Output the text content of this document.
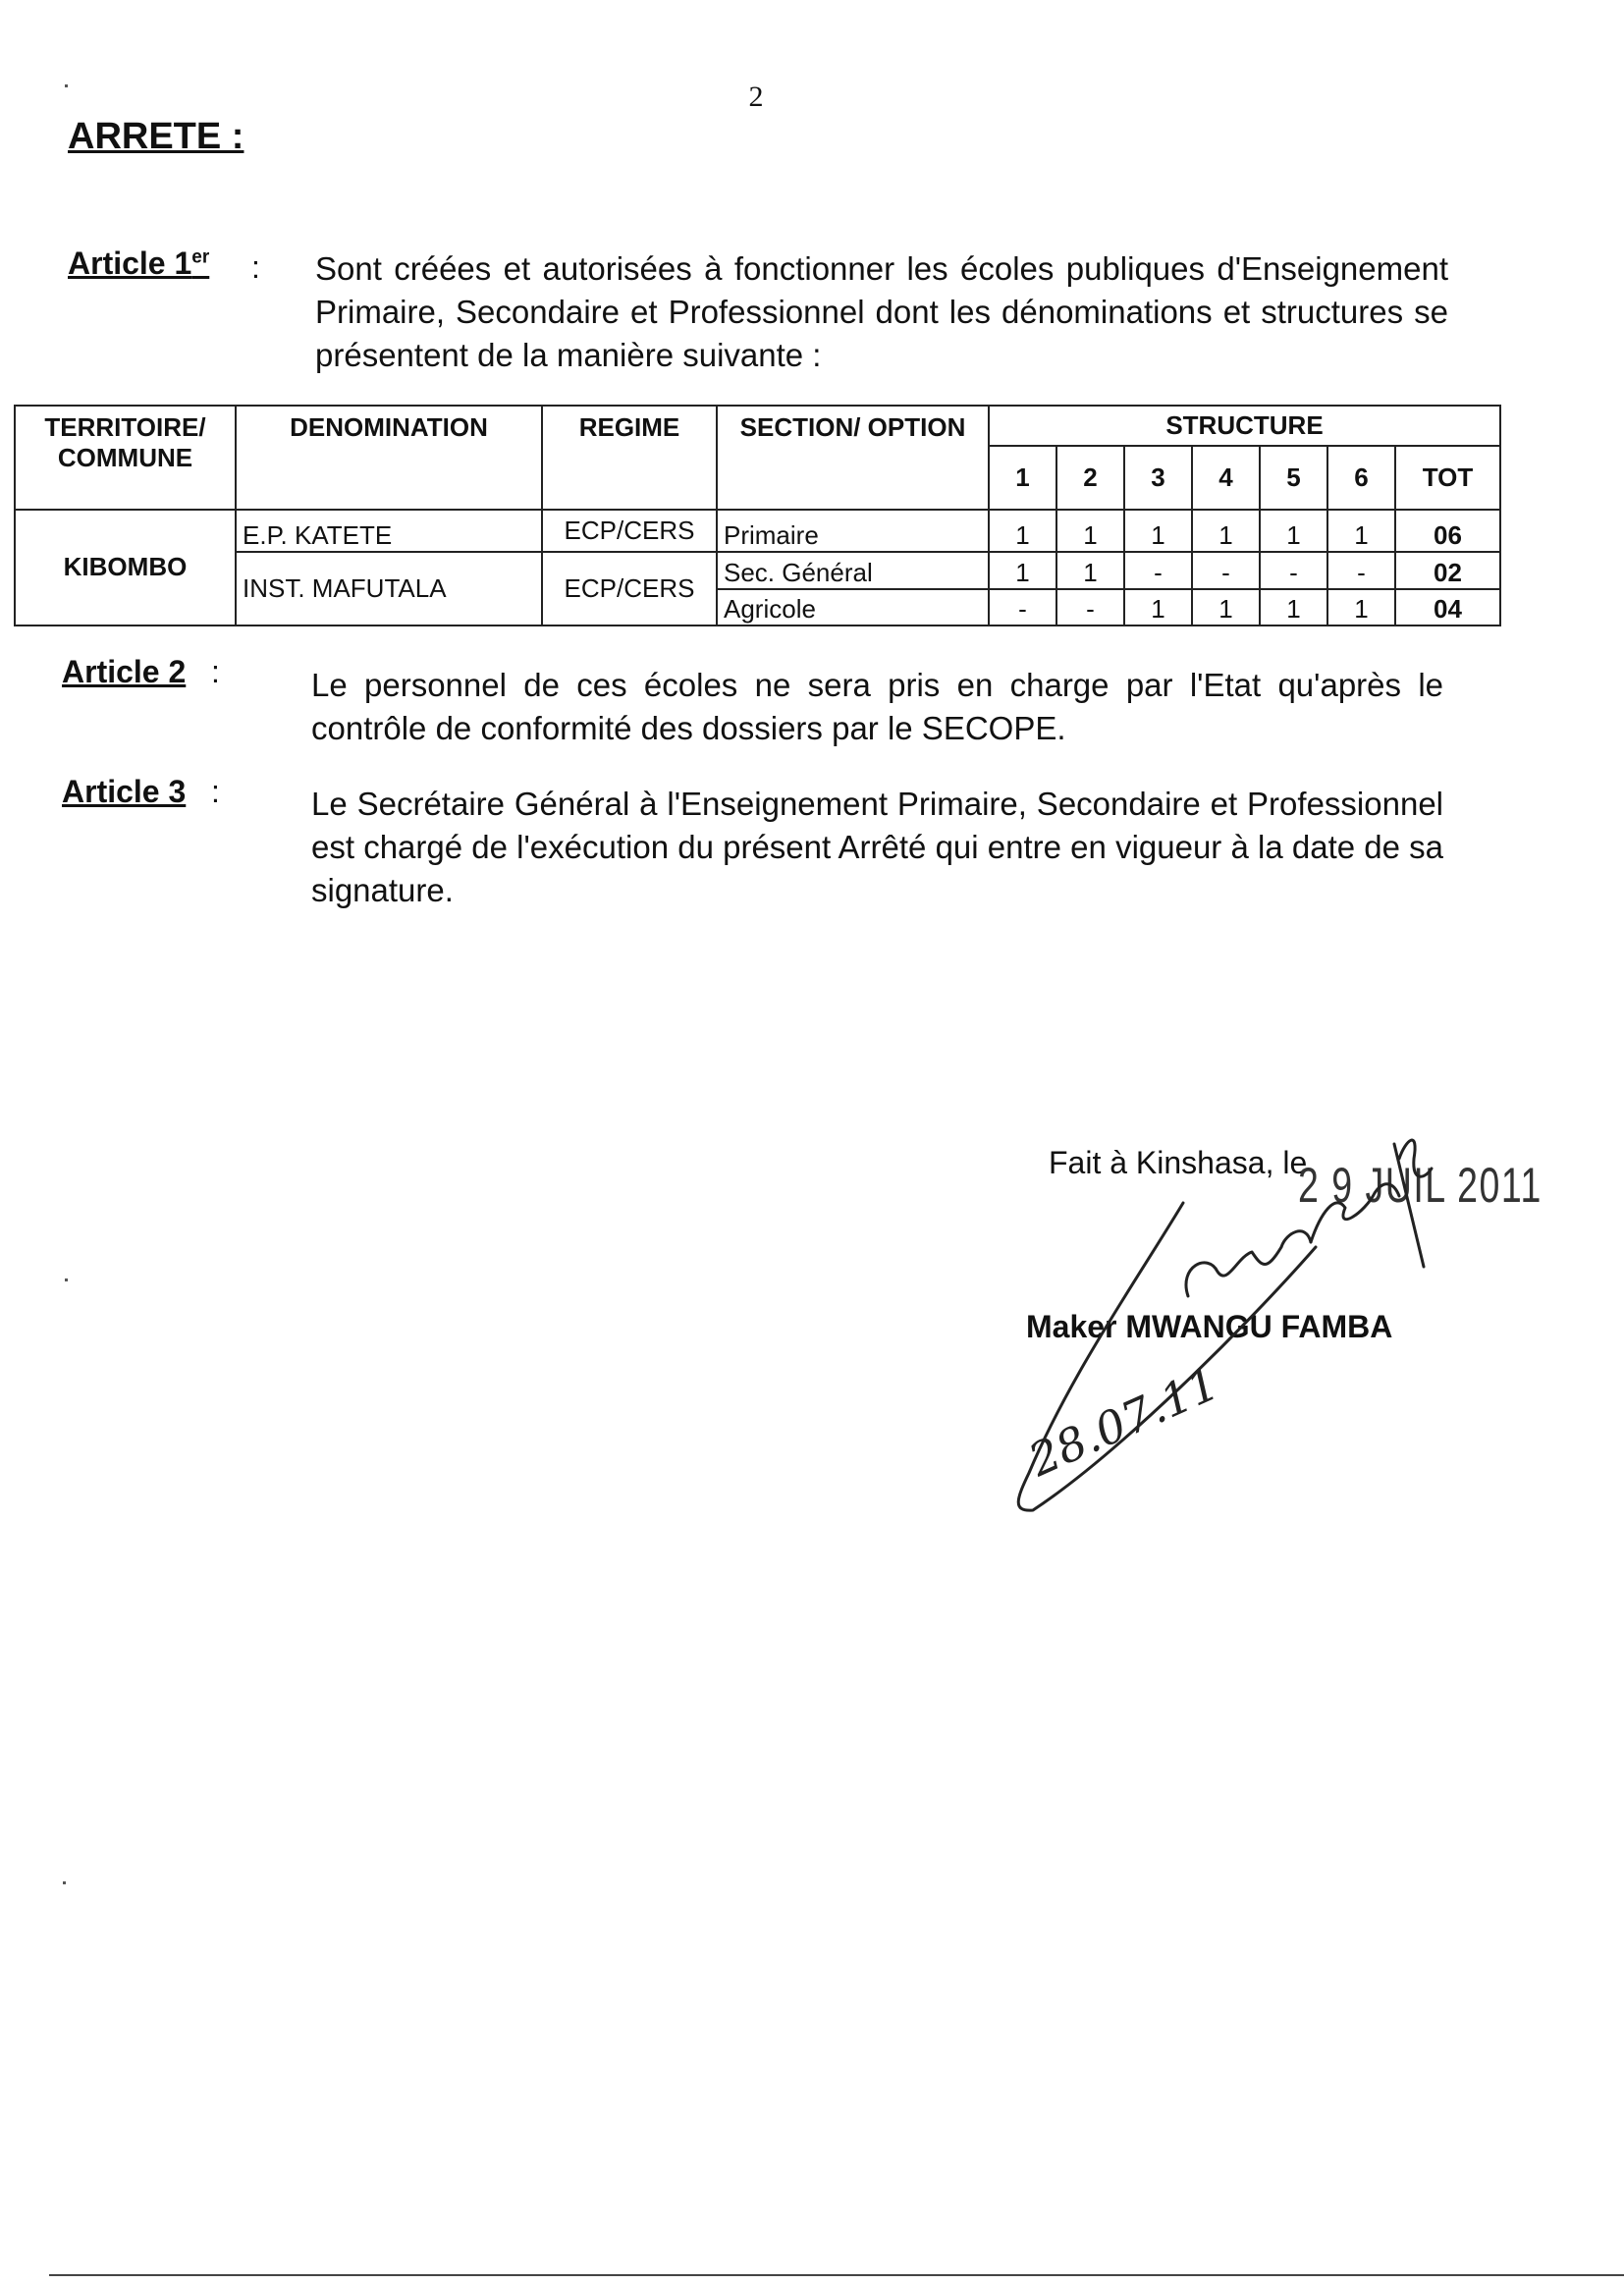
2
ARRETE :
Article 1er : Sont créées et autorisées à fonctionner les écoles publiques d'Enseignement Primaire, Secondaire et Professionnel dont les dénominations et structures se présentent de la manière suivante :
TERRITOIRE/ COMMUNE	DENOMINATION	REGIME	SECTION/ OPTION	STRUCTURE						
				1	2	3	4	5	6	TOT
KIBOMBO	E.P. KATETE	ECP/CERS	Primaire	1	1	1	1	1	1	06
	INST. MAFUTALA	ECP/CERS	Sec. Général	1	1	-	-	-	-	02
			Agricole	-	-	1	1	1	1	04
Article 2 :	Le personnel de ces écoles ne sera pris en charge par l'Etat qu'après le contrôle de conformité des dossiers par le SECOPE.
Article 3 :	Le Secrétaire Général à l'Enseignement Primaire, Secondaire et Professionnel est chargé de l'exécution du présent Arrêté qui entre en vigueur à la date de sa signature.
Fait à Kinshasa, le
2 9 JUIL 2011
Maker MWANGU FAMBA
28.07.11
